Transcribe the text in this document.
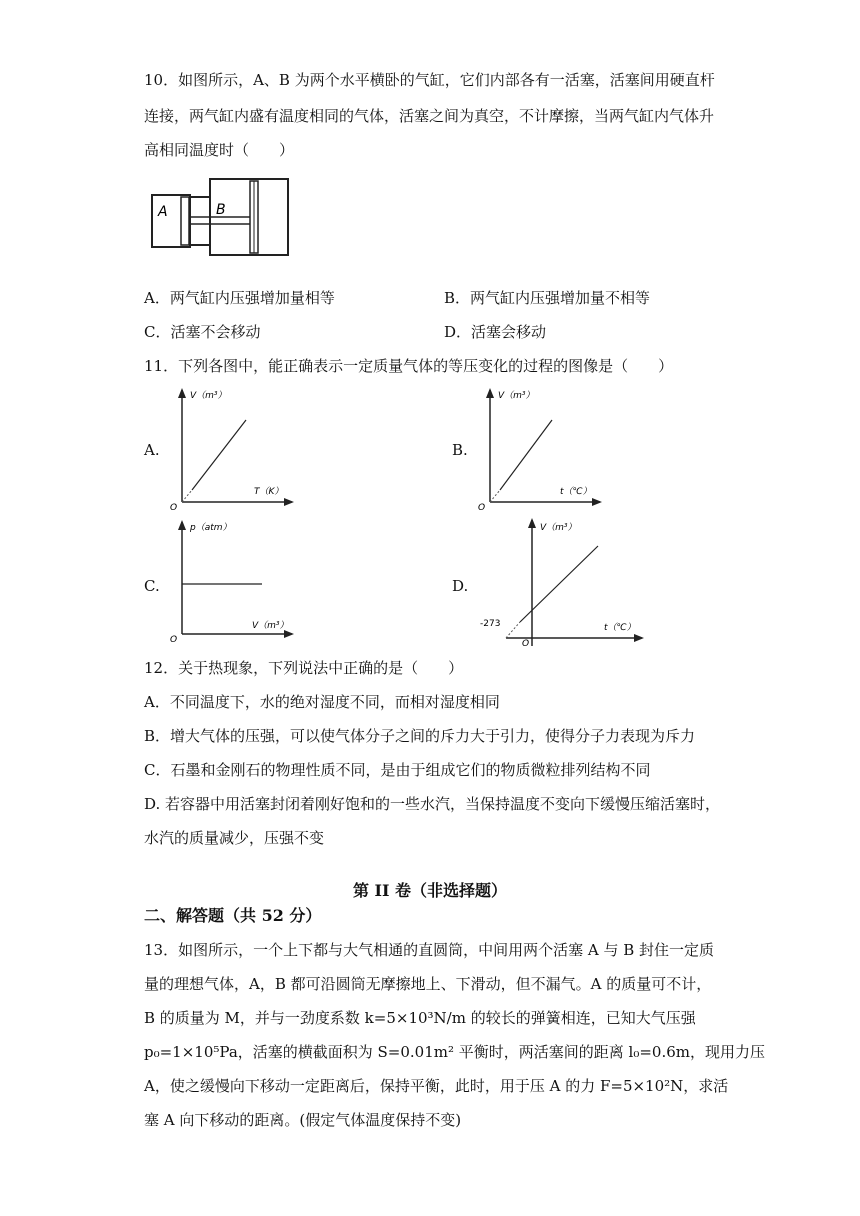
10．如图所示，A、B 为两个水平横卧的气缸，它们内部各有一活塞，活塞间用硬直杆
连接，两气缸内盛有温度相同的气体，活塞之间为真空，不计摩擦，当两气缸内气体升
高相同温度时（　　）
A	B
A．两气缸内压强增加量相等	B．两气缸内压强增加量不相等
C．活塞不会移动	D．活塞会移动
11．下列各图中，能正确表示一定质量气体的等压变化的过程的图像是（　　）
A.	B.
C.	D.
V（m³）
T（K）
O
V（m³）
t（℃）
O
p（atm）
V（m³）
O
V（m³）
t（℃）
O
-273
12．关于热现象，下列说法中正确的是（　　）
A．不同温度下，水的绝对湿度不同，而相对湿度相同
B．增大气体的压强，可以使气体分子之间的斥力大于引力，使得分子力表现为斥力
C．石墨和金刚石的物理性质不同，是由于组成它们的物质微粒排列结构不同
D. 若容器中用活塞封闭着刚好饱和的一些水汽，当保持温度不变向下缓慢压缩活塞时，
水汽的质量减少，压强不变
第 II 卷（非选择题）
二、解答题（共 52 分）
13．如图所示，一个上下都与大气相通的直圆筒，中间用两个活塞 A 与 B 封住一定质
量的理想气体，A，B 都可沿圆筒无摩擦地上、下滑动，但不漏气。A 的质量可不计，
B 的质量为 M，并与一劲度系数 k=5×10³N/m 的较长的弹簧相连，已知大气压强
p₀=1×10⁵Pa，活塞的横截面积为 S=0.01m² 平衡时，两活塞间的距离 l₀=0.6m，现用力压
A，使之缓慢向下移动一定距离后，保持平衡，此时，用于压 A 的力 F=5×10²N，求活
塞 A 向下移动的距离。(假定气体温度保持不变)
